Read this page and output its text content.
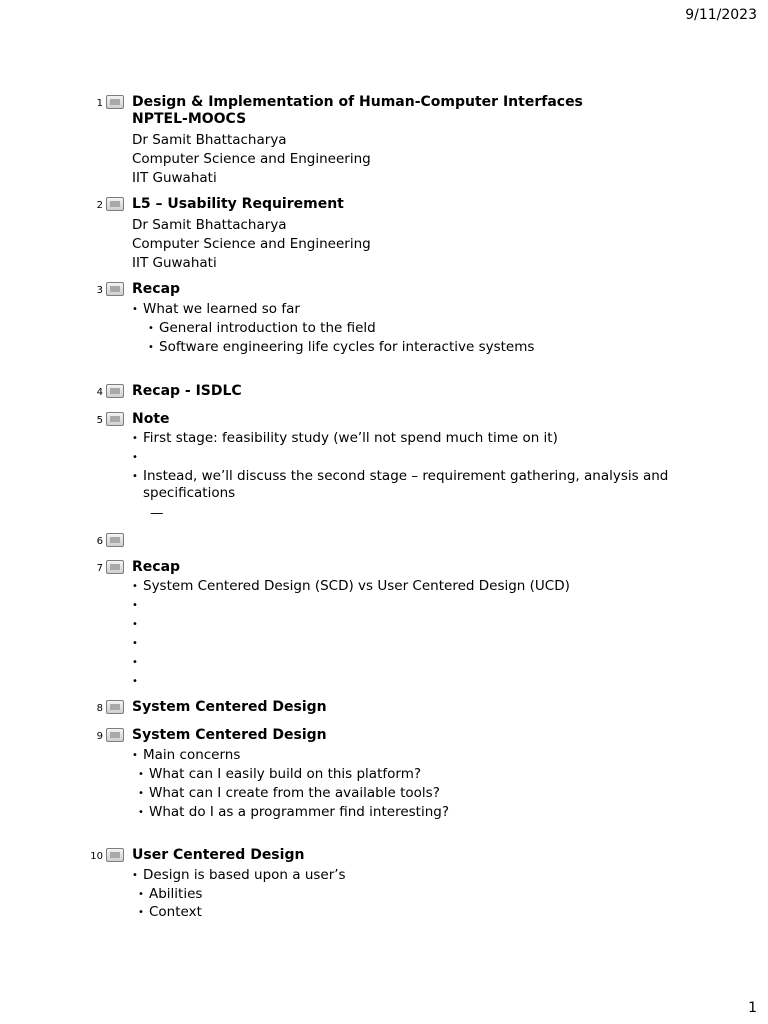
9/11/2023
1 Design & Implementation of Human-Computer Interfaces
NPTEL-MOOCS
Dr Samit Bhattacharya
Computer Science and Engineering
IIT Guwahati
2 L5 – Usability Requirement
Dr Samit Bhattacharya
Computer Science and Engineering
IIT Guwahati
3 Recap
• What we learned so far
• General introduction to the field
• Software engineering life cycles for interactive systems
4 Recap - ISDLC
5 Note
• First stage: feasibility study (we’ll not spend much time on it)
•
• Instead, we’ll discuss the second stage – requirement gathering, analysis and
specifications
—
6
7 Recap
• System Centered Design (SCD) vs User Centered Design (UCD)
•
•
•
•
•
8 System Centered Design
9 System Centered Design
• Main concerns
• What can I easily build on this platform?
• What can I create from the available tools?
• What do I as a programmer find interesting?
10 User Centered Design
• Design is based upon a user’s
• Abilities
• Context
1
